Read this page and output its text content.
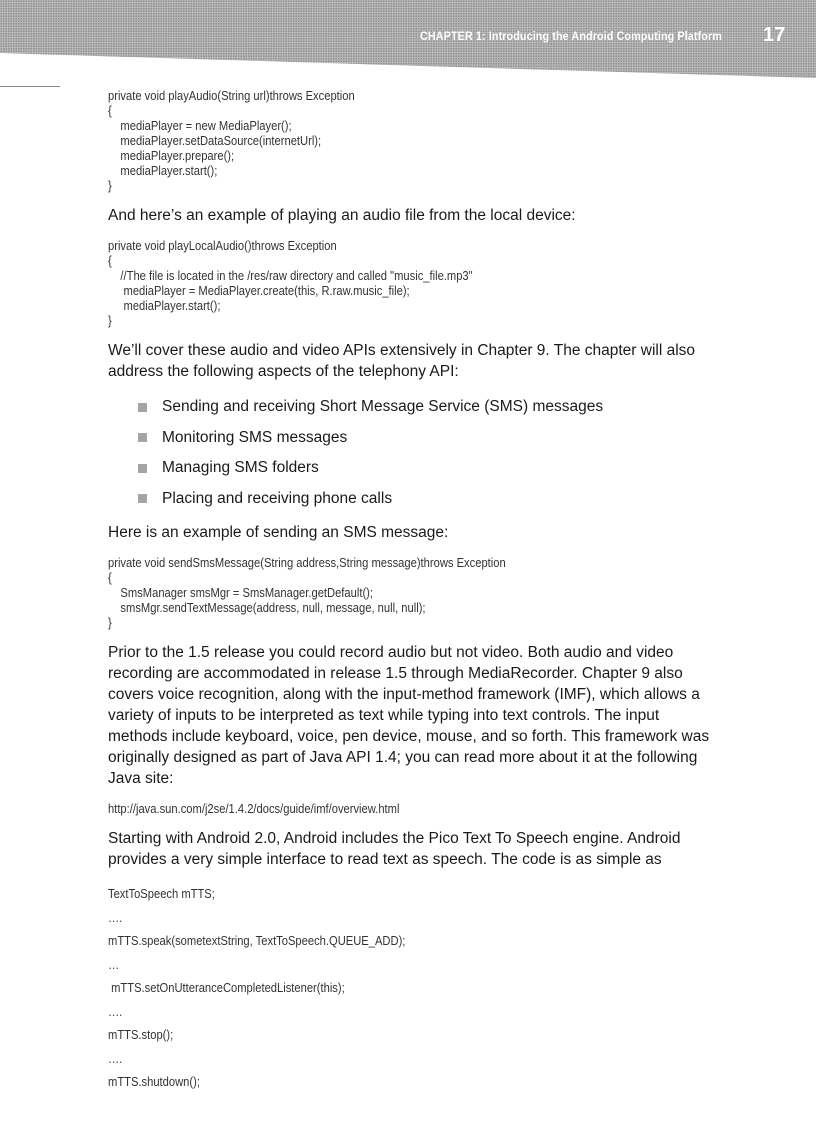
CHAPTER 1: Introducing the Android Computing Platform 17
private void playAudio(String url)throws Exception
{
mediaPlayer = new MediaPlayer();
mediaPlayer.setDataSource(internetUrl);
mediaPlayer.prepare();
mediaPlayer.start();
}

And here’s an example of playing an audio file from the local device:

private void playLocalAudio()throws Exception
{
//The file is located in the /res/raw directory and called "music_file.mp3"
mediaPlayer = MediaPlayer.create(this, R.raw.music_file);
mediaPlayer.start();
}

We’ll cover these audio and video APIs extensively in Chapter 9. The chapter will also address the following aspects of the telephony API:

Sending and receiving Short Message Service (SMS) messages
Monitoring SMS messages
Managing SMS folders
Placing and receiving phone calls

Here is an example of sending an SMS message:

private void sendSmsMessage(String address,String message)throws Exception
{
SmsManager smsMgr = SmsManager.getDefault();
smsMgr.sendTextMessage(address, null, message, null, null);
}

Prior to the 1.5 release you could record audio but not video. Both audio and video recording are accommodated in release 1.5 through MediaRecorder. Chapter 9 also covers voice recognition, along with the input-method framework (IMF), which allows a variety of inputs to be interpreted as text while typing into text controls. The input methods include keyboard, voice, pen device, mouse, and so forth. This framework was originally designed as part of Java API 1.4; you can read more about it at the following Java site:

http://java.sun.com/j2se/1.4.2/docs/guide/imf/overview.html

Starting with Android 2.0, Android includes the Pico Text To Speech engine. Android provides a very simple interface to read text as speech. The code is as simple as

TextToSpeech mTTS;
….
mTTS.speak(sometextString, TextToSpeech.QUEUE_ADD);
…
mTTS.setOnUtteranceCompletedListener(this);
….
mTTS.stop();
….
mTTS.shutdown();
